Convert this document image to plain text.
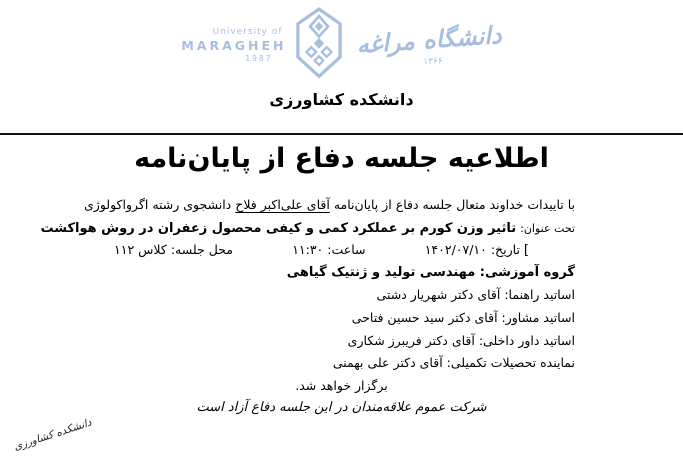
University of
MARAGHEH
1987	دانشگاه مراغه
۱۳۶۶
دانشکده کشاورزی
اطلاعیه جلسه دفاع از پایان‌نامه
با تاییدات خداوند متعال جلسه دفاع از پایان‌نامه آقای علی‌اکبر فلاح دانشجوی رشته اگرواکولوژی
تحت عنوان: تاثیر وزن کورم بر عملکرد کمی و کیفی محصول زعفران در روش هواکشت
[ تاریخ: ۱۴۰۲/۰۷/۱۰
ساعت: ۱۱:۳۰
محل جلسه: کلاس ۱۱۲
گروه آموزشی: مهندسی تولید و ژنتیک گیاهی
اساتید راهنما: آقای دکتر شهریار دشتی
اساتید مشاور: آقای دکتر سید حسین فتاحی
اساتید داور داخلی: آقای دکتر فریبرز شکاری
نماینده تحصیلات تکمیلی: آقای دکتر علی بهمنی
برگزار خواهد شد.
شرکت عموم علاقه‌مندان در این جلسه دفاع آزاد است
دانشکده کشاورزی
